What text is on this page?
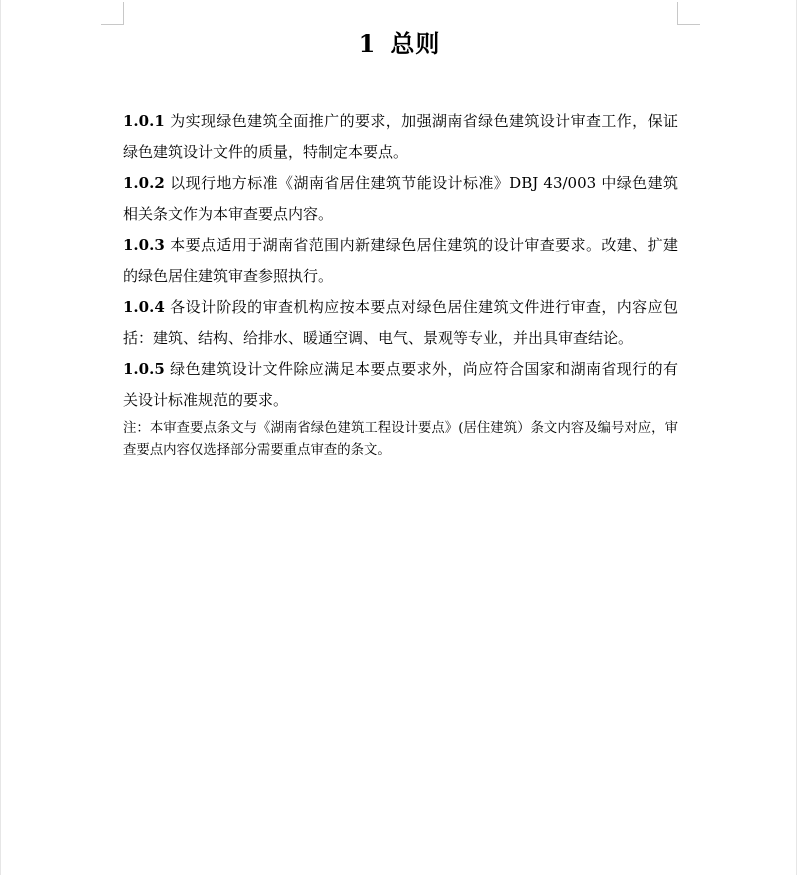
1 总则

1.0.1 为实现绿色建筑全面推广的要求，加强湖南省绿色建筑设计审查工作，保证绿色建筑设计文件的质量，特制定本要点。

1.0.2 以现行地方标准《湖南省居住建筑节能设计标准》DBJ 43/003 中绿色建筑相关条文作为本审查要点内容。

1.0.3 本要点适用于湖南省范围内新建绿色居住建筑的设计审查要求。改建、扩建的绿色居住建筑审查参照执行。

1.0.4 各设计阶段的审查机构应按本要点对绿色居住建筑文件进行审查，内容应包括：建筑、结构、给排水、暖通空调、电气、景观等专业，并出具审查结论。

1.0.5 绿色建筑设计文件除应满足本要点要求外，尚应符合国家和湖南省现行的有关设计标准规范的要求。

注：本审查要点条文与《湖南省绿色建筑工程设计要点》(居住建筑）条文内容及编号对应，审查要点内容仅选择部分需要重点审查的条文。
